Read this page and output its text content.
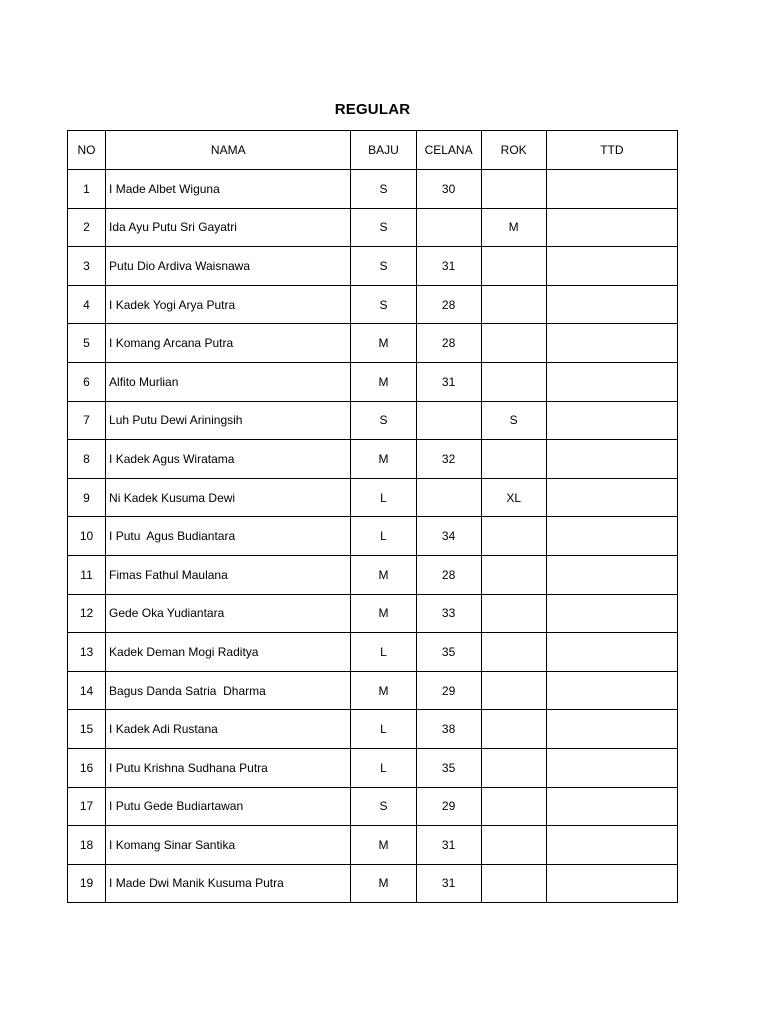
REGULAR
NO	NAMA	BAJU	CELANA	ROK	TTD
1	I Made Albet Wiguna	S	30		
2	Ida Ayu Putu Sri Gayatri	S		M	
3	Putu Dio Ardiva Waisnawa	S	31		
4	I Kadek Yogi Arya Putra	S	28		
5	I Komang Arcana Putra	M	28		
6	Alfito Murlian	M	31		
7	Luh Putu Dewi Ariningsih	S		S	
8	I Kadek Agus Wiratama	M	32		
9	Ni Kadek Kusuma Dewi	L		XL	
10	I Putu  Agus Budiantara	L	34		
11	Fimas Fathul Maulana	M	28		
12	Gede Oka Yudiantara	M	33		
13	Kadek Deman Mogi Raditya	L	35		
14	Bagus Danda Satria  Dharma	M	29		
15	I Kadek Adi Rustana	L	38		
16	I Putu Krishna Sudhana Putra	L	35		
17	I Putu Gede Budiartawan	S	29		
18	I Komang Sinar Santika	M	31		
19	I Made Dwi Manik Kusuma Putra	M	31		
